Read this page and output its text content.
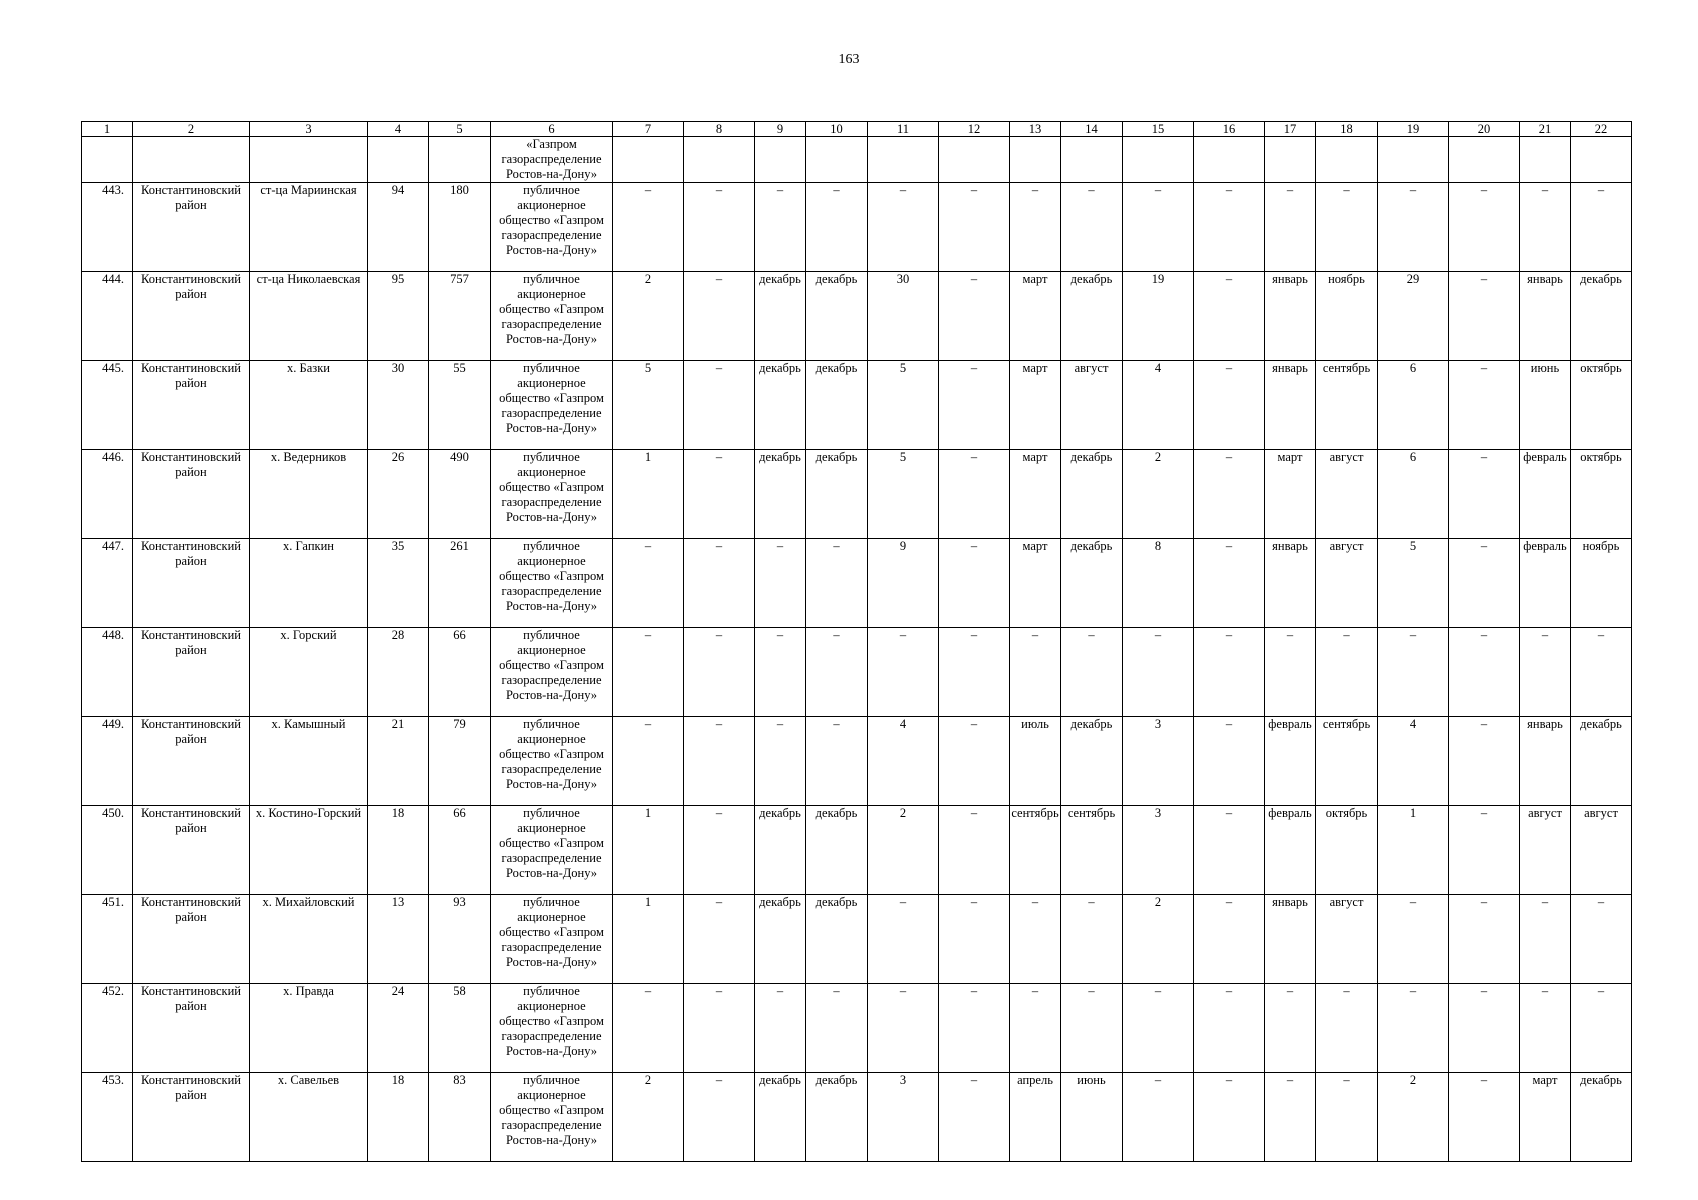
163
1	2	3	4	5	6	7	8	9	10	11	12	13	14	15	16	17	18	19	20	21	22
					«Газпром газораспределение Ростов-на-Дону»																
443.	Константиновский район	ст-ца Мариинская	94	180	публичное акционерное общество «Газпром газораспределение Ростов-на-Дону»	–	–	–	–	–	–	–	–	–	–	–	–	–	–	–	–
444.	Константиновский район	ст-ца Николаевская	95	757	публичное акционерное общество «Газпром газораспределение Ростов-на-Дону»	2	–	декабрь	декабрь	30	–	март	декабрь	19	–	январь	ноябрь	29	–	январь	декабрь
445.	Константиновский район	х. Базки	30	55	публичное акционерное общество «Газпром газораспределение Ростов-на-Дону»	5	–	декабрь	декабрь	5	–	март	август	4	–	январь	сентябрь	6	–	июнь	октябрь
446.	Константиновский район	х. Ведерников	26	490	публичное акционерное общество «Газпром газораспределение Ростов-на-Дону»	1	–	декабрь	декабрь	5	–	март	декабрь	2	–	март	август	6	–	февраль	октябрь
447.	Константиновский район	х. Гапкин	35	261	публичное акционерное общество «Газпром газораспределение Ростов-на-Дону»	–	–	–	–	9	–	март	декабрь	8	–	январь	август	5	–	февраль	ноябрь
448.	Константиновский район	х. Горский	28	66	публичное акционерное общество «Газпром газораспределение Ростов-на-Дону»	–	–	–	–	–	–	–	–	–	–	–	–	–	–	–	–
449.	Константиновский район	х. Камышный	21	79	публичное акционерное общество «Газпром газораспределение Ростов-на-Дону»	–	–	–	–	4	–	июль	декабрь	3	–	февраль	сентябрь	4	–	январь	декабрь
450.	Константиновский район	х. Костино-Горский	18	66	публичное акционерное общество «Газпром газораспределение Ростов-на-Дону»	1	–	декабрь	декабрь	2	–	сентябрь	сентябрь	3	–	февраль	октябрь	1	–	август	август
451.	Константиновский район	х. Михайловский	13	93	публичное акционерное общество «Газпром газораспределение Ростов-на-Дону»	1	–	декабрь	декабрь	–	–	–	–	2	–	январь	август	–	–	–	–
452.	Константиновский район	х. Правда	24	58	публичное акционерное общество «Газпром газораспределение Ростов-на-Дону»	–	–	–	–	–	–	–	–	–	–	–	–	–	–	–	–
453.	Константиновский район	х. Савельев	18	83	публичное акционерное общество «Газпром газораспределение Ростов-на-Дону»	2	–	декабрь	декабрь	3	–	апрель	июнь	–	–	–	–	2	–	март	декабрь
